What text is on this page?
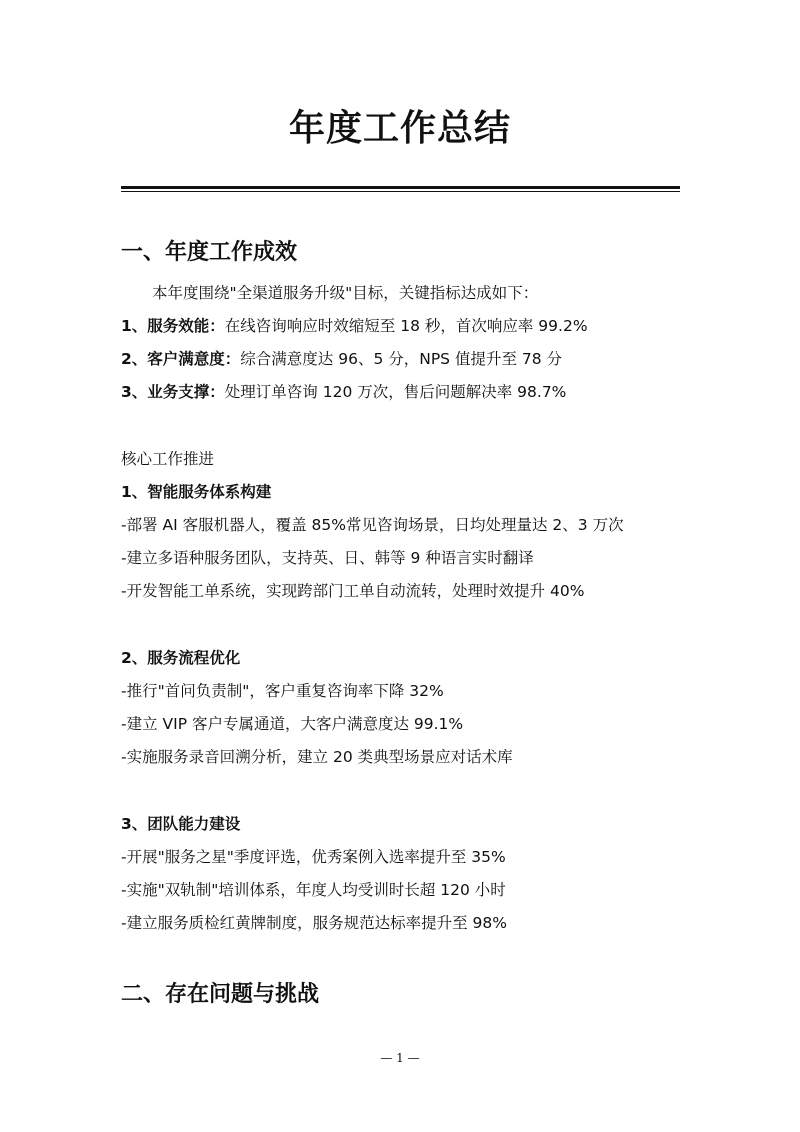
年度工作总结
一、年度工作成效
本年度围绕"全渠道服务升级"目标，关键指标达成如下：
1、服务效能：在线咨询响应时效缩短至 18 秒，首次响应率 99.2%
2、客户满意度：综合满意度达 96、5 分，NPS 值提升至 78 分
3、业务支撑：处理订单咨询 120 万次，售后问题解决率 98.7%
核心工作推进
1、智能服务体系构建
-部署 AI 客服机器人，覆盖 85%常见咨询场景，日均处理量达 2、3 万次
-建立多语种服务团队，支持英、日、韩等 9 种语言实时翻译
-开发智能工单系统，实现跨部门工单自动流转，处理时效提升 40%
2、服务流程优化
-推行"首问负责制"，客户重复咨询率下降 32%
-建立 VIP 客户专属通道，大客户满意度达 99.1%
-实施服务录音回溯分析，建立 20 类典型场景应对话术库
3、团队能力建设
-开展"服务之星"季度评选，优秀案例入选率提升至 35%
-实施"双轨制"培训体系，年度人均受训时长超 120 小时
-建立服务质检红黄牌制度，服务规范达标率提升至 98%
二、存在问题与挑战
— 1 —
